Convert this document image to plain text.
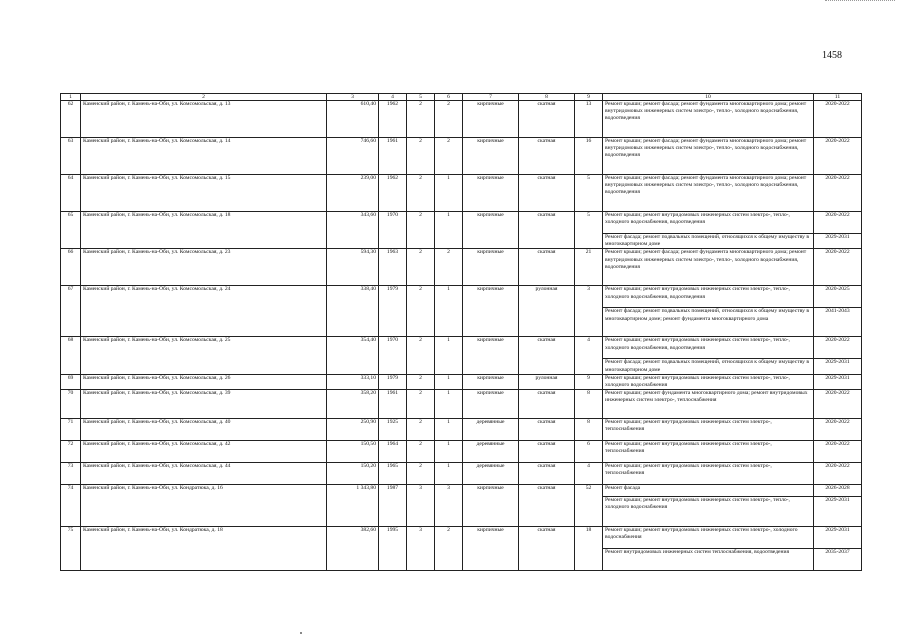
1458
1	2	3	4	5	6	7	8	9	10	11
62	Каменский район, г. Камень-на-Оби, ул. Комсомольская, д. 13	610,40	1962	2	2	кирпичные	скатная	13	Ремонт крыши; ремонт фасада; ремонт фундамента многоквартирного дома; ремонт внутридомовых инженерных систем электро-, тепло-, холодного водоснабжения, водоотведения	2020-2022
63	Каменский район, г. Камень-на-Оби, ул. Комсомольская, д. 14	746,60	1961	2	2	кирпичные	скатная	16	Ремонт крыши; ремонт фасада; ремонт фундамента многоквартирного дома; ремонт внутридомовых инженерных систем электро-, тепло-, холодного водоснабжения, водоотведения	2020-2022
64	Каменский район, г. Камень-на-Оби, ул. Комсомольская, д. 15	239,00	1962	2	1	кирпичные	скатная	5	Ремонт крыши; ремонт фасада; ремонт фундамента многоквартирного дома; ремонт внутридомовых инженерных систем электро-, тепло-, холодного водоснабжения, водоотведения	2020-2022
65	Каменский район, г. Камень-на-Оби, ул. Комсомольская, д. 18	343,60	1970	2	1	кирпичные	скатная	5	Ремонт крыши; ремонт внутридомовых инженерных систем электро-, тепло-, холодного водоснабжения, водоотведения	2020-2022
									Ремонт фасада; ремонт подвальных помещений, относящихся к общему имуществу в многоквартирном доме	2029-2031
66	Каменский район, г. Камень-на-Оби, ул. Комсомольская, д. 23	594,30	1963	2	2	кирпичные	скатная	21	Ремонт крыши; ремонт фасада; ремонт фундамента многоквартирного дома; ремонт внутридомовых инженерных систем электро-, тепло-, холодного водоснабжения, водоотведения	2020-2022
67	Каменский район, г. Камень-на-Оби, ул. Комсомольская, д. 24	338,40	1979	2	1	кирпичные	рулонная	3	Ремонт крыши; ремонт внутридомовых инженерных систем электро-, тепло-, холодного водоснабжения, водоотведения	2020-2025
									Ремонт фасада; ремонт подвальных помещений, относящихся к общему имуществу в многоквартирном доме; ремонт фундамента многоквартирного дома	2041-2043
68	Каменский район, г. Камень-на-Оби, ул. Комсомольская, д. 25	354,40	1970	2	1	кирпичные	скатная	4	Ремонт крыши; ремонт внутридомовых инженерных систем электро-, тепло-, холодного водоснабжения, водоотведения	2020-2022
									Ремонт фасада; ремонт подвальных помещений, относящихся к общему имуществу в многоквартирном доме	2029-2031
69	Каменский район, г. Камень-на-Оби, ул. Комсомольская, д. 26	333,10	1979	2	1	кирпичные	рулонная	9	Ремонт крыши; ремонт внутридомовых инженерных систем электро-, тепло-, холодного водоснабжения	2029-2031
70	Каменский район, г. Камень-на-Оби, ул. Комсомольская, д. 39	358,20	1961	2	1	кирпичные	скатная	8	Ремонт крыши; ремонт фундамента многоквартирного дома; ремонт внутридомовых инженерных систем электро-, теплоснабжения	2020-2022
71	Каменский район, г. Камень-на-Оби, ул. Комсомольская, д. 40	250,90	1925	2	1	деревянные	скатная	8	Ремонт крыши; ремонт внутридомовых инженерных систем электро-, теплоснабжения	2020-2022
72	Каменский район, г. Камень-на-Оби, ул. Комсомольская, д. 42	150,50	1964	2	1	деревянные	скатная	6	Ремонт крыши; ремонт внутридомовых инженерных систем электро-, теплоснабжения	2020-2022
73	Каменский район, г. Камень-на-Оби, ул. Комсомольская, д. 44	150,20	1965	2	1	деревянные	скатная	4	Ремонт крыши; ремонт внутридомовых инженерных систем электро-, теплоснабжения	2020-2022
74	Каменский район, г. Камень-на-Оби, ул. Кондратюка, д. 16	1 343,80	1987	3	3	кирпичные	скатная	52	Ремонт фасада	2026-2028
									Ремонт крыши; ремонт внутридомовых инженерных систем электро-, тепло-, холодного водоснабжения	2029-2031
75	Каменский район, г. Камень-на-Оби, ул. Кондратюка, д. 18	382,60	1995	3	2	кирпичные	скатная	18	Ремонт крыши; ремонт внутридомовых инженерных систем электро-, холодного водоснабжения	2029-2031
									Ремонт внутридомовых инженерных систем теплоснабжения, водоотведения	2035-2037
